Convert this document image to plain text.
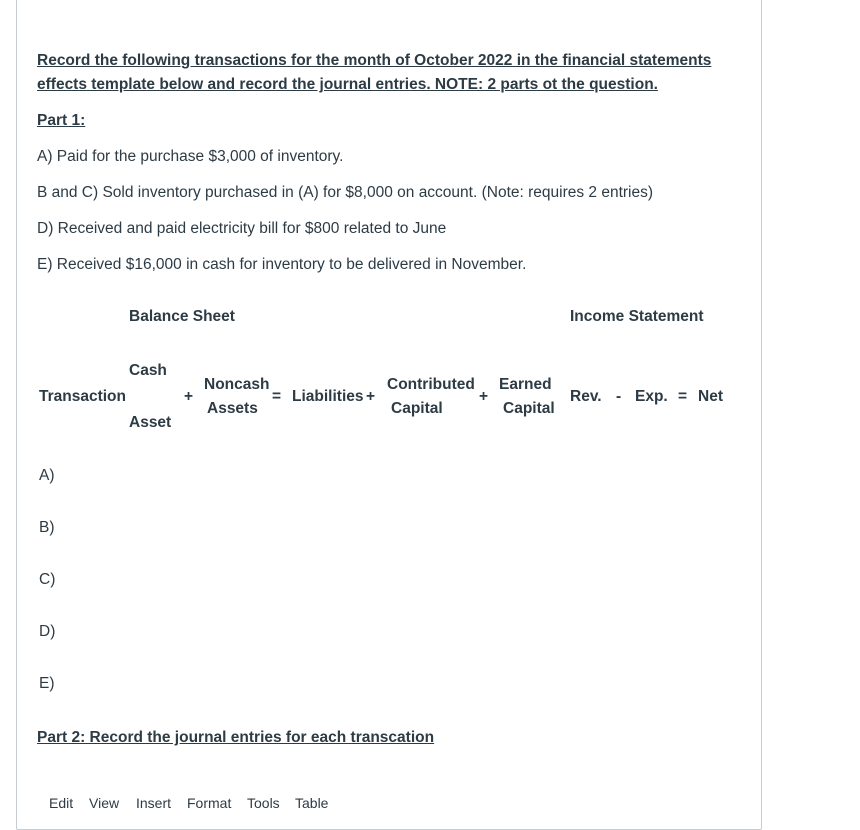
Record the following transactions for the month of October 2022 in the financial statements
effects template below and record the journal entries. NOTE: 2 parts ot the question.
Part 1:
A) Paid for the purchase $3,000 of inventory.
B and C) Sold inventory purchased in (A) for $8,000 on account. (Note: requires 2 entries)
D) Received and paid electricity bill for $800 related to June
E) Received $16,000 in cash for inventory to be delivered in November.
Balance Sheet	Income Statement
Transaction
Cash
Asset
+
Noncash
Assets
= Liabilities +
Contributed
Capital
+
Earned
Capital
Rev. - Exp. = Net
A)
B)
C)
D)
E)
Part 2: Record the journal entries for each transcation
Edit View Insert Format Tools Table
